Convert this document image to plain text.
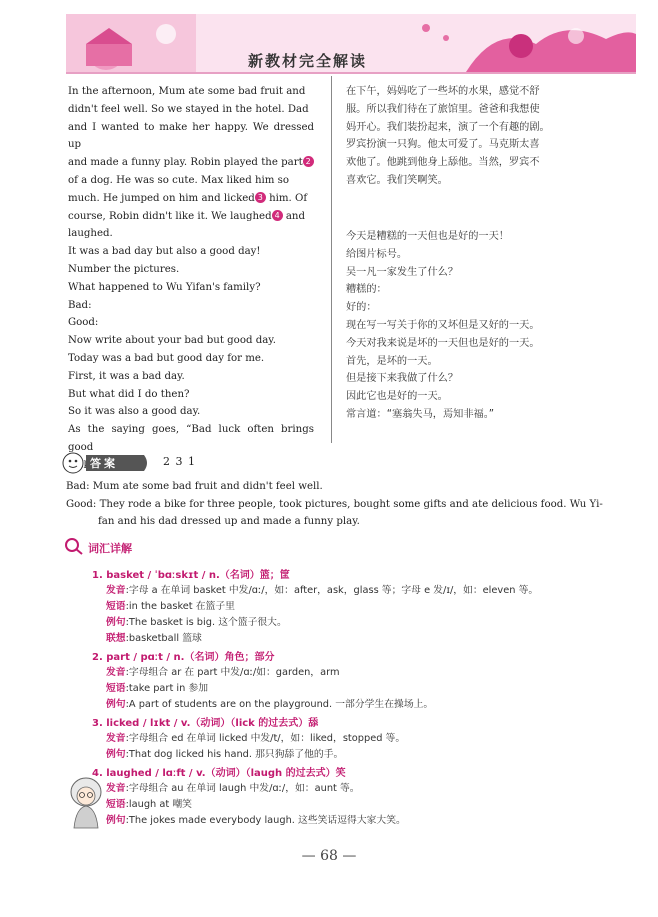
新教材完全解读

In the afternoon, Mum ate some bad fruit and

didn't feel well. So we stayed in the hotel. Dad

and I wanted to make her happy. We dressed up

and made a funny play. Robin played the part 2

of a dog. He was so cute. Max liked him so

much. He jumped on him and licked 3 him. Of

course, Robin didn't like it. We laughed 4 and

laughed.

It was a bad day but also a good day!

Number the pictures.

What happened to Wu Yifan's family?

Bad:

Good:

Now write about your bad but good day.

Today was a bad but good day for me.

First, it was a bad day.

But what did I do then?

So it was also a good day.

As the saying goes, “Bad luck often brings good

在下午，妈妈吃了一些坏的水果，感觉不舒

服。所以我们待在了旅馆里。爸爸和我想使

妈开心。我们装扮起来，演了一个有趣的剧。

罗宾扮演一只狗。他太可爱了。马克斯太喜

欢他了。他跳到他身上舔他。当然，罗宾不

喜欢它。我们笑啊笑。

今天是糟糕的一天但也是好的一天！

给图片标号。

吴一凡一家发生了什么？

糟糕的：

好的：

现在写一写关于你的又坏但是又好的一天。

今天对我来说是坏的一天但也是好的一天。

首先，是坏的一天。

但是接下来我做了什么？

因此它也是好的一天。

常言道：“塞翁失马，焉知非福。”

答案	2 3 1
Bad: Mum ate some bad fruit and didn't feel well.
Good: They rode a bike for three people, took pictures, bought some gifts and ate delicious food. Wu Yi-
fan and his dad dressed up and made a funny play.
词汇详解
1. basket / ˈbɑːskɪt / n.（名词）篮；筐
发音:字母 a 在单词 basket 中发/ɑː/，如：after，ask，glass 等；字母 e 发/ɪ/，如：eleven 等。
短语:in the basket 在篮子里
例句:The basket is big. 这个篮子很大。
联想:basketball 篮球
2. part / pɑːt / n.（名词）角色；部分
发音:字母组合 ar 在 part 中发/ɑː/如：garden，arm
短语:take part in 参加
例句:A part of students are on the playground. 一部分学生在操场上。
3. licked / lɪkt / v.（动词）（lick 的过去式）舔
发音:字母组合 ed 在单词 licked 中发/t/，如：liked，stopped 等。
例句:That dog licked his hand. 那只狗舔了他的手。
4. laughed / lɑːft / v.（动词）（laugh 的过去式）笑
发音:字母组合 au 在单词 laugh 中发/ɑː/，如：aunt 等。
短语:laugh at 嘲笑
例句:The jokes made everybody laugh. 这些笑话逗得大家大笑。
— 68 —
